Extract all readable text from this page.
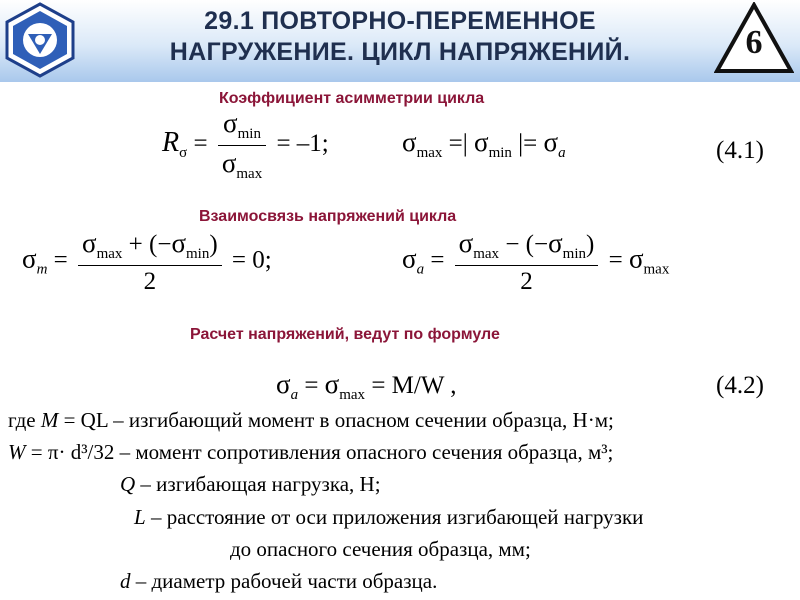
29.1 ПОВТОРНО-ПЕРЕМЕННОЕ
НАГРУЖЕНИЕ. ЦИКЛ НАПРЯЖЕНИЙ.	6
Коэффициент асимметрии цикла
$R_\sigma = \frac{\sigma_{min}}{\sigma_{max}} = -1$;	$\sigma_{max}$ =| $\sigma_{min}$ |= $\sigma_a$	(4.1)
Взаимосвязь напряжений цикла
$\sigma_m = \frac{\sigma_{max} + (-\sigma_{min})}{2} = 0$;	$\sigma_a = \frac{\sigma_{max} - (-\sigma_{min})}{2} = \sigma_{max}$
Расчет напряжений, ведут по формуле
$\sigma_a = \sigma_{max} = M/W$ ,	(4.2)
где M = QL – изгибающий момент в опасном сечении образца, Н·м;
W = π· d³/32 – момент сопротивления опасного сечения образца, м³;
Q – изгибающая нагрузка, Н;
L – расстояние от оси приложения изгибающей нагрузки
до опасного сечения образца, мм;
d – диаметр рабочей части образца.
